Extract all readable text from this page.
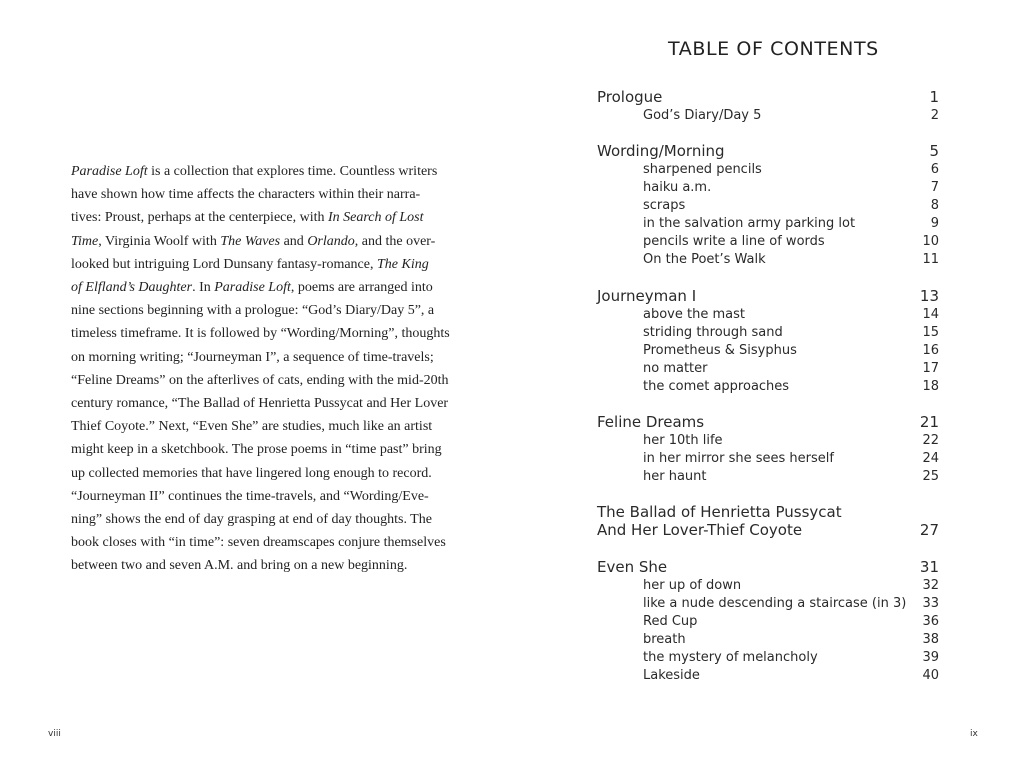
Paradise Loft is a collection that explores time. Countless writers
have shown how time affects the characters within their narra-
tives: Proust, perhaps at the centerpiece, with In Search of Lost
Time, Virginia Woolf with The Waves and Orlando, and the over-
looked but intriguing Lord Dunsany fantasy-romance, The King
of Elfland’s Daughter. In Paradise Loft, poems are arranged into
nine sections beginning with a prologue: “God’s Diary/Day 5”, a
timeless timeframe. It is followed by “Wording/Morning”, thoughts
on morning writing; “Journeyman I”, a sequence of time-travels;
“Feline Dreams” on the afterlives of cats, ending with the mid-20th
century romance, “The Ballad of Henrietta Pussycat and Her Lover
Thief Coyote.” Next, “Even She” are studies, much like an artist
might keep in a sketchbook. The prose poems in “time past” bring
up collected memories that have lingered long enough to record.
“Journeyman II” continues the time-travels, and “Wording/Eve-
ning” shows the end of day grasping at end of day thoughts. The
book closes with “in time”: seven dreamscapes conjure themselves
between two and seven A.M. and bring on a new beginning.

viii
TABLE OF CONTENTS
Prologue	1
God’s Diary/Day 5	2
Wording/Morning	5
sharpened pencils	6
haiku a.m.	7
scraps	8
in the salvation army parking lot	9
pencils write a line of words	10
On the Poet’s Walk	11
Journeyman I	13
above the mast	14
striding through sand	15
Prometheus & Sisyphus	16
no matter	17
the comet approaches	18
Feline Dreams	21
her 10th life	22
in her mirror she sees herself	24
her haunt	25
The Ballad of Henrietta Pussycat
And Her Lover-Thief Coyote	27
Even She	31
her up of down	32
like a nude descending a staircase (in 3) 33
Red Cup	36
breath	38
the mystery of melancholy	39
Lakeside	40
ix
